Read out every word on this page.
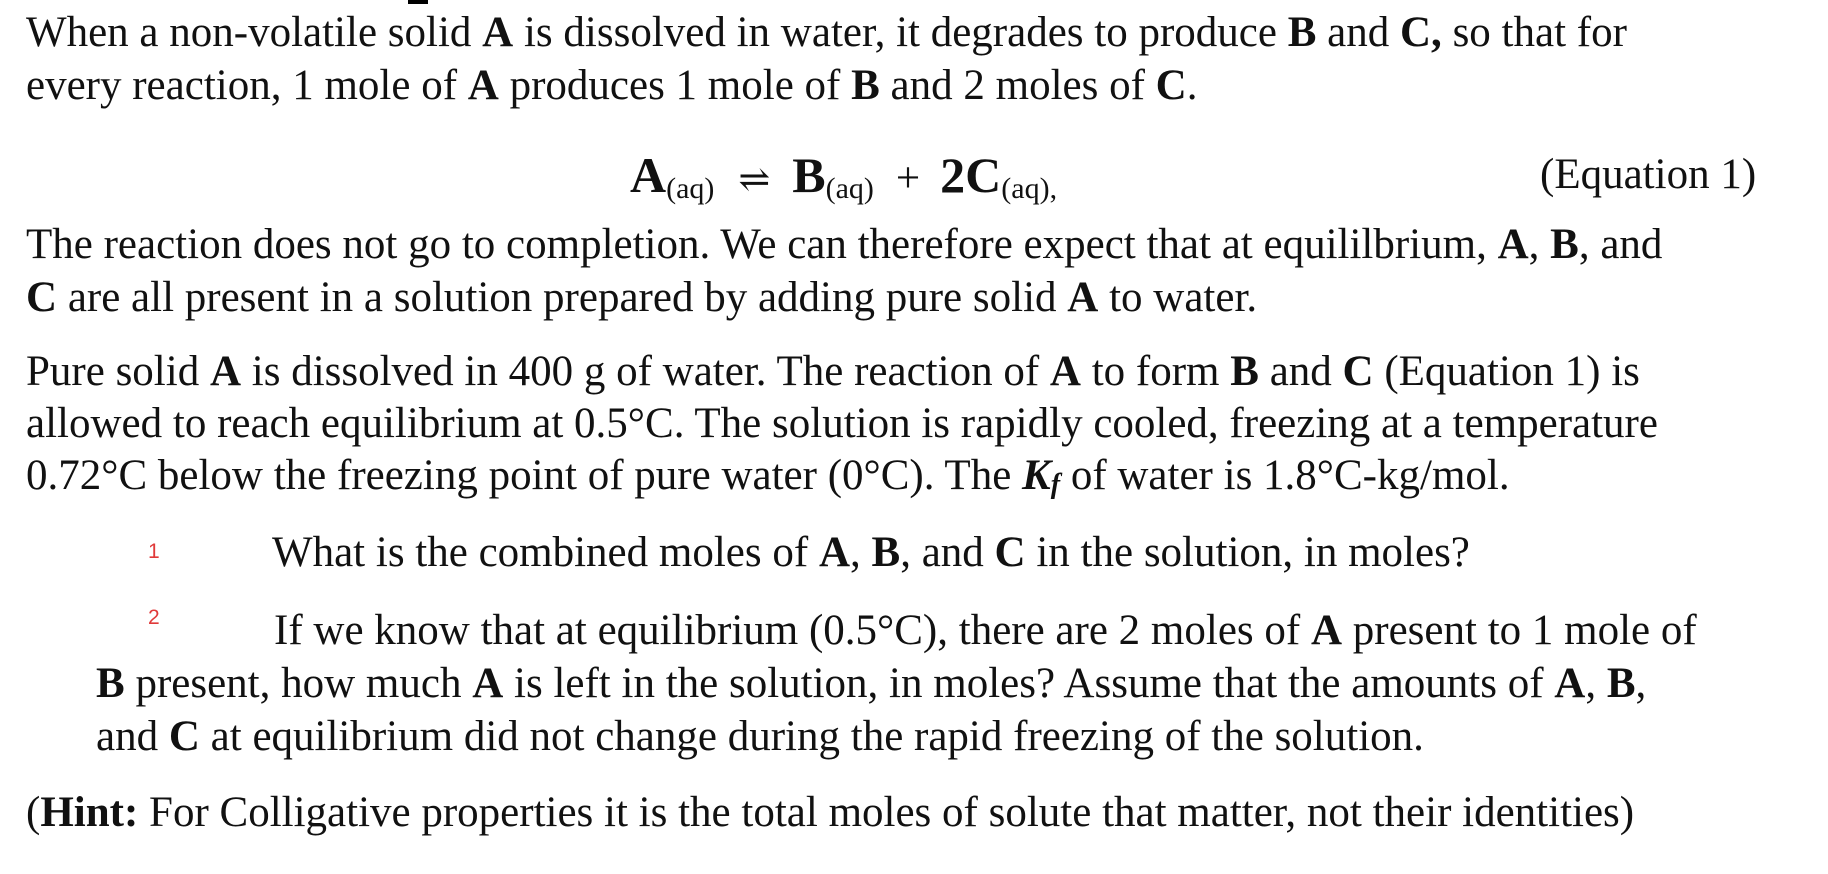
When a non-volatile solid A is dissolved in water, it degrades to produce B and C, so that for
every reaction, 1 mole of A produces 1 mole of B and 2 moles of C.

$A_{(aq)}$ ⇌ $B_{(aq)} + 2C_{(aq),}$	(Equation 1)

The reaction does not go to completion. We can therefore expect that at equililbrium, A, B, and
C are all present in a solution prepared by adding pure solid A to water.

Pure solid A is dissolved in 400 g of water. The reaction of A to form B and C (Equation 1) is
allowed to reach equilibrium at 0.5°C. The solution is rapidly cooled, freezing at a temperature
0.72°C below the freezing point of pure water (0°C). The $K_f$ of water is 1.8°C-kg/mol.

1	What is the combined moles of A, B, and C in the solution, in moles?
2	If we know that at equilibrium (0.5°C), there are 2 moles of A present to 1 mole of
B present, how much A is left in the solution, in moles? Assume that the amounts of A, B,
and C at equilibrium did not change during the rapid freezing of the solution.
(Hint: For Colligative properties it is the total moles of solute that matter, not their identities)
